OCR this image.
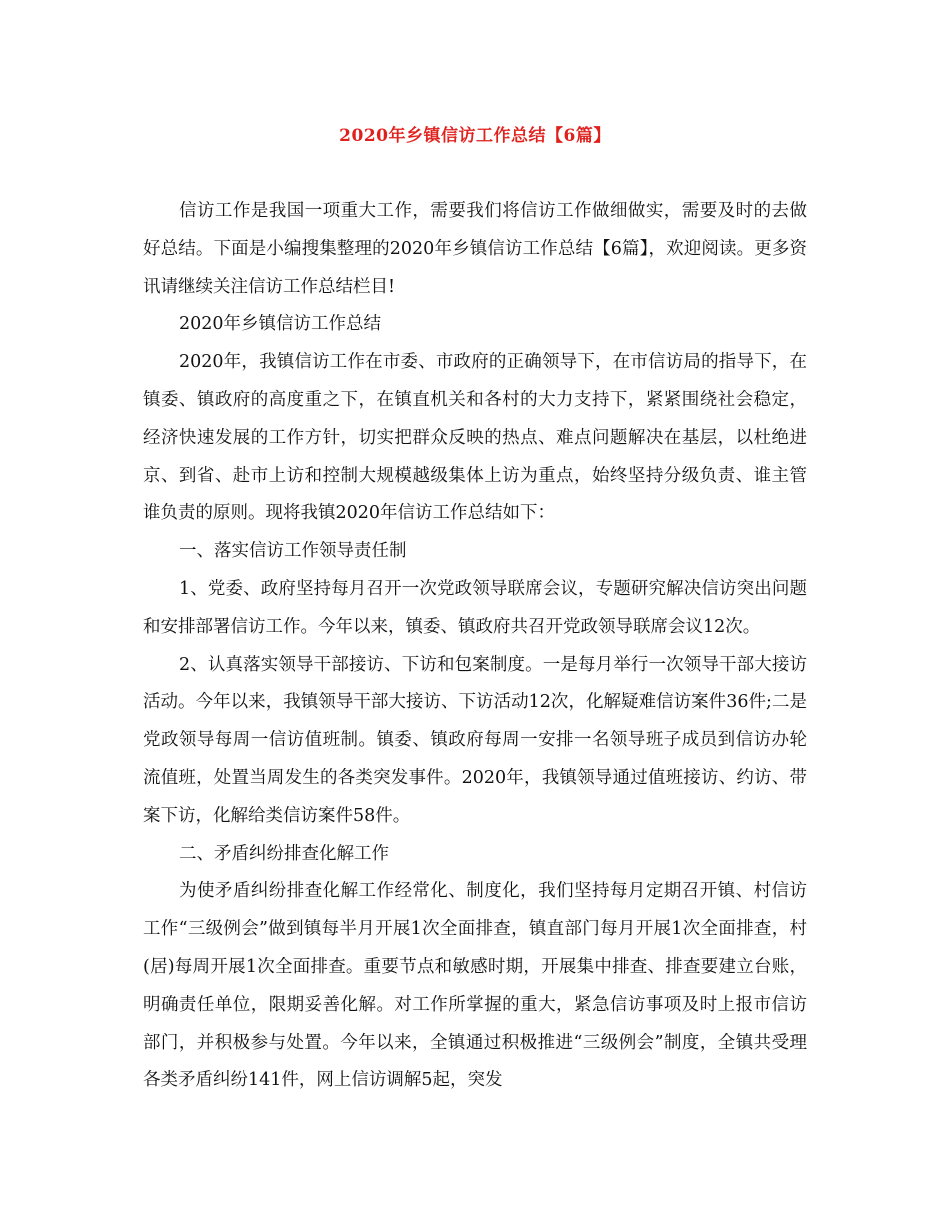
2020年乡镇信访工作总结【6篇】

信访工作是我国一项重大工作，需要我们将信访工作做细做实，需要及时的去做好总结。下面是小编搜集整理的2020年乡镇信访工作总结【6篇】，欢迎阅读。更多资讯请继续关注信访工作总结栏目!

2020年乡镇信访工作总结

2020年，我镇信访工作在市委、市政府的正确领导下，在市信访局的指导下，在镇委、镇政府的高度重之下，在镇直机关和各村的大力支持下，紧紧围绕社会稳定，经济快速发展的工作方针，切实把群众反映的热点、难点问题解决在基层，以杜绝进京、到省、赴市上访和控制大规模越级集体上访为重点，始终坚持分级负责、谁主管谁负责的原则。现将我镇2020年信访工作总结如下：

一、落实信访工作领导责任制

1、党委、政府坚持每月召开一次党政领导联席会议，专题研究解决信访突出问题和安排部署信访工作。今年以来，镇委、镇政府共召开党政领导联席会议12次。

2、认真落实领导干部接访、下访和包案制度。一是每月举行一次领导干部大接访活动。今年以来，我镇领导干部大接访、下访活动12次，化解疑难信访案件36件;二是党政领导每周一信访值班制。镇委、镇政府每周一安排一名领导班子成员到信访办轮流值班，处置当周发生的各类突发事件。2020年，我镇领导通过值班接访、约访、带案下访，化解给类信访案件58件。

二、矛盾纠纷排查化解工作

为使矛盾纠纷排查化解工作经常化、制度化，我们坚持每月定期召开镇、村信访工作“三级例会”做到镇每半月开展1次全面排查，镇直部门每月开展1次全面排查，村(居)每周开展1次全面排查。重要节点和敏感时期，开展集中排查、排查要建立台账，明确责任单位，限期妥善化解。对工作所掌握的重大，紧急信访事项及时上报市信访部门，并积极参与处置。今年以来，全镇通过积极推进“三级例会”制度，全镇共受理各类矛盾纠纷141件，网上信访调解5起，突发
